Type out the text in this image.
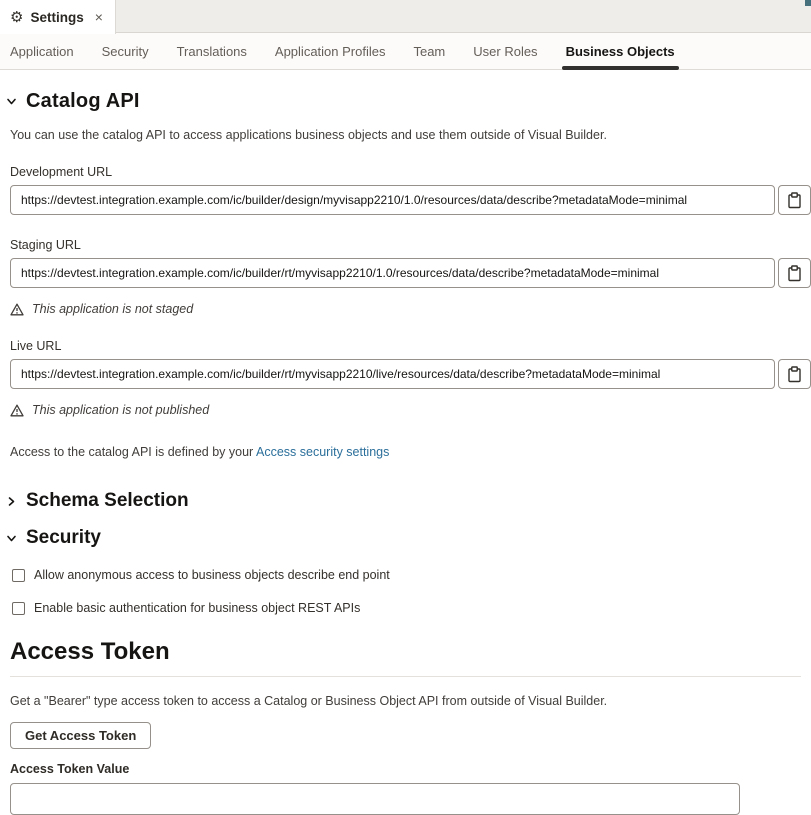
⚙ Settings ×
Application Security Translations Application Profiles Team User Roles Business Objects
Catalog API

You can use the catalog API to access applications business objects and use them outside of Visual Builder.

Development URL
https://devtest.integration.example.com/ic/builder/design/myvisapp2210/1.0/resources/data/describe?metadataMode=minimal
Staging URL
https://devtest.integration.example.com/ic/builder/rt/myvisapp2210/1.0/resources/data/describe?metadataMode=minimal
This application is not staged
Live URL
https://devtest.integration.example.com/ic/builder/rt/myvisapp2210/live/resources/data/describe?metadataMode=minimal
This application is not published

Access to the catalog API is defined by your Access security settings

Schema Selection
Security
Allow anonymous access to business objects describe end point
Enable basic authentication for business object REST APIs
Access Token

Get a "Bearer" type access token to access a Catalog or Business Object API from outside of Visual Builder.

Get Access Token
Access Token Value
